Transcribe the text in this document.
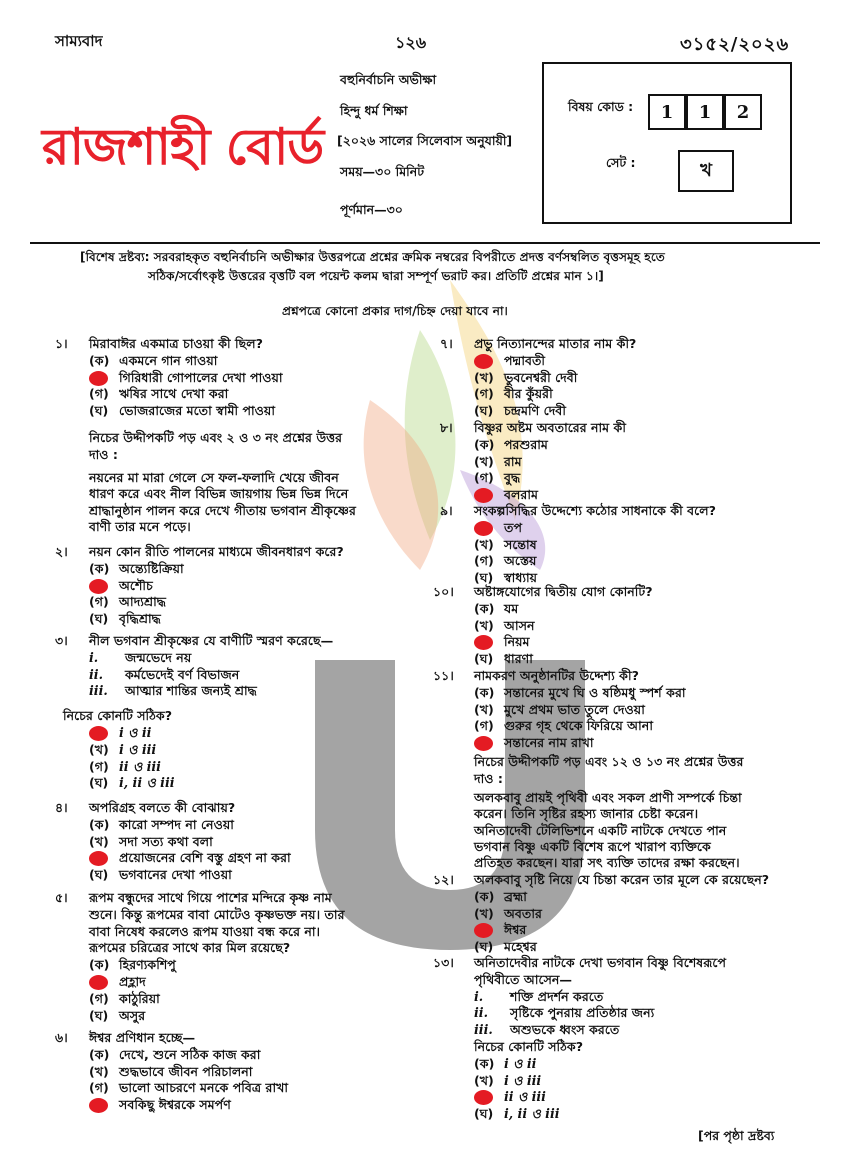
সাম্যবাদ	১২৬	৩১৫২/২০২৬
রাজশাহী বোর্ড
বহুনির্বাচনি অভীক্ষা
হিন্দু ধর্ম শিক্ষা
[২০২৬ সালের সিলেবাস অনুযায়ী]
সময়—৩০ মিনিট
পূর্ণমান—৩০
বিষয় কোড :	1	1	2
সেট :	খ
[বিশেষ দ্রষ্টব্য: সরবরাহকৃত বহুনির্বাচনি অভীক্ষার উত্তরপত্রে প্রশ্নের ক্রমিক নম্বরের বিপরীতে প্রদত্ত বর্ণসম্বলিত বৃত্তসমূহ হতে
সঠিক/সর্বোৎকৃষ্ট উত্তরের বৃত্তটি বল পয়েন্ট কলম দ্বারা সম্পূর্ণ ভরাট কর। প্রতিটি প্রশ্নের মান ১।]
প্রশ্নপত্রে কোনো প্রকার দাগ/চিহ্ন দেয়া যাবে না।
১। মিরাবাঈর একমাত্র চাওয়া কী ছিল?
(ক) একমনে গান গাওয়া
গিরিধারী গোপালের দেখা পাওয়া
(গ) ঋষির সাথে দেখা করা
(ঘ) ভোজরাজের মতো স্বামী পাওয়া
নিচের উদ্দীপকটি পড় এবং ২ ও ৩ নং প্রশ্নের উত্তর
দাও :
নয়নের মা মারা গেলে সে ফল-ফলাদি খেয়ে জীবন
ধারণ করে এবং নীল বিভিন্ন জায়গায় ভিন্ন ভিন্ন দিনে
শ্রাদ্ধানুষ্ঠান পালন করে দেখে গীতায় ভগবান শ্রীকৃষ্ণের
বাণী তার মনে পড়ে।
২। নয়ন কোন রীতি পালনের মাধ্যমে জীবনধারণ করে?
(ক) অন্ত্যেষ্টিক্রিয়া
অশৌচ
(গ) আদ্যশ্রাদ্ধ
(ঘ) বৃদ্ধিশ্রাদ্ধ
৩। নীল ভগবান শ্রীকৃষ্ণের যে বাণীটি স্মরণ করেছে—
i. জন্মভেদে নয়
ii. কর্মভেদেই বর্ণ বিভাজন
iii. আত্মার শান্তির জন্যই শ্রাদ্ধ
নিচের কোনটি সঠিক?
i ও ii
(খ) i ও iii
(গ) ii ও iii
(ঘ) i, ii ও iii
৪। অপরিগ্রহ বলতে কী বোঝায়?
(ক) কারো সম্পদ না নেওয়া
(খ) সদা সত্য কথা বলা
প্রয়োজনের বেশি বস্তু গ্রহণ না করা
(ঘ) ভগবানের দেখা পাওয়া
৫। রূপম বন্ধুদের সাথে গিয়ে পাশের মন্দিরে কৃষ্ণ নাম
শুনে। কিন্তু রূপমের বাবা মোটেও কৃষ্ণভক্ত নয়। তার
বাবা নিষেধ করলেও রূপম যাওয়া বন্ধ করে না।
রূপমের চরিত্রের সাথে কার মিল রয়েছে?
(ক) হিরণ্যকশিপু
প্রহ্লাদ
(গ) কাঠুরিয়া
(ঘ) অসুর
৬। ঈশ্বর প্রণিধান হচ্ছে—
(ক) দেখে, শুনে সঠিক কাজ করা
(খ) শুদ্ধভাবে জীবন পরিচালনা
(গ) ভালো আচরণে মনকে পবিত্র রাখা
সবকিছু ঈশ্বরকে সমর্পণ
৭। প্রভু নিত্যানন্দের মাতার নাম কী?
পদ্মাবতী
(খ) ভুবনেশ্বরী দেবী
(গ) বীর কুঁয়রী
(ঘ) চন্দ্রমণি দেবী
৮। বিষ্ণুর অষ্টম অবতারের নাম কী
(ক) পরশুরাম
(খ) রাম
(গ) বুদ্ধ
বলরাম
৯। সংকল্পসিদ্ধির উদ্দেশ্যে কঠোর সাধনাকে কী বলে?
তপ
(খ) সন্তোষ
(গ) অস্তেয়
(ঘ) স্বাধ্যায়
১০। অষ্টাঙ্গযোগের দ্বিতীয় যোগ কোনটি?
(ক) যম
(খ) আসন
নিয়ম
(ঘ) ধারণা
১১। নামকরণ অনুষ্ঠানটির উদ্দেশ্য কী?
(ক) সন্তানের মুখে ঘি ও ষষ্ঠিমধু স্পর্শ করা
(খ) মুখে প্রথম ভাত তুলে দেওয়া
(গ) গুরুর গৃহ থেকে ফিরিয়ে আনা
সন্তানের নাম রাখা
নিচের উদ্দীপকটি পড় এবং ১২ ও ১৩ নং প্রশ্নের উত্তর
দাও :
অলকবাবু প্রায়ই পৃথিবী এবং সকল প্রাণী সম্পর্কে চিন্তা
করেন। তিনি সৃষ্টির রহস্য জানার চেষ্টা করেন।
অনিতাদেবী টেলিভিশনে একটি নাটকে দেখতে পান
ভগবান বিষ্ণু একটি বিশেষ রূপে খারাপ ব্যক্তিকে
প্রতিহত করছেন। যারা সৎ ব্যক্তি তাদের রক্ষা করছেন।
১২। অলকবাবু সৃষ্টি নিয়ে যে চিন্তা করেন তার মূলে কে রয়েছেন?
(ক) ব্রহ্মা
(খ) অবতার
ঈশ্বর
(ঘ) মহেশ্বর
১৩। অনিতাদেবীর নাটকে দেখা ভগবান বিষ্ণু বিশেষরূপে
পৃথিবীতে আসেন—
i. শক্তি প্রদর্শন করতে
ii. সৃষ্টিকে পুনরায় প্রতিষ্ঠার জন্য
iii. অশুভকে ধ্বংস করতে
নিচের কোনটি সঠিক?
(ক) i ও ii
(খ) i ও iii
ii ও iii
(ঘ) i, ii ও iii
[পর পৃষ্ঠা দ্রষ্টব্য
